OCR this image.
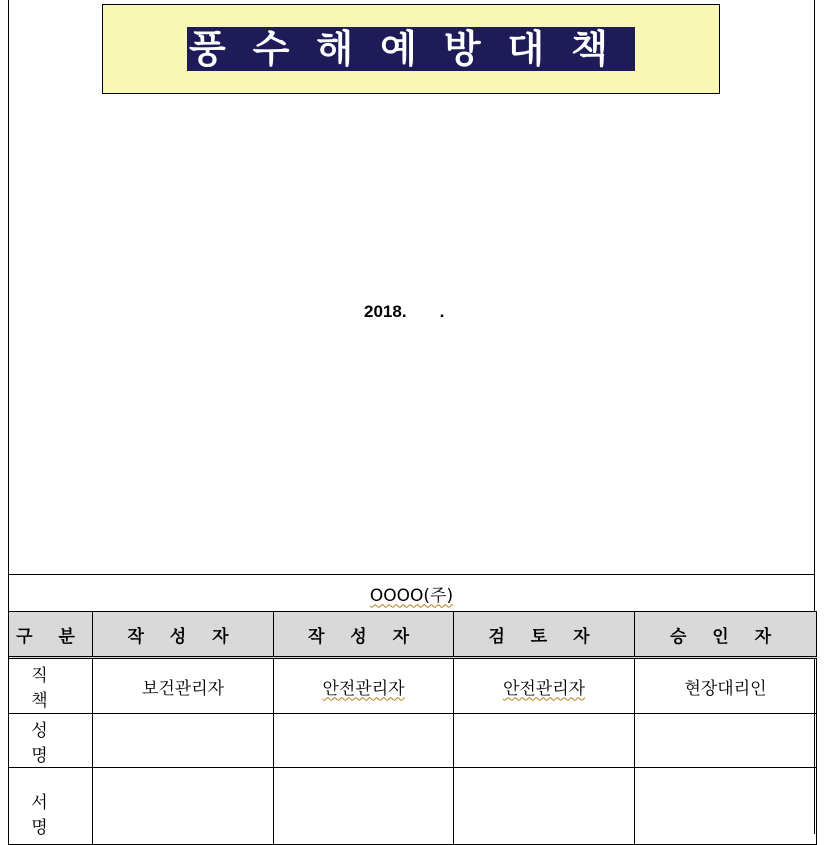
풍수해예방대책
2018.       .
OOOO(주)
구 분	작 성 자	작 성 자	검 토 자	승 인 자
직 책	보건관리자	안전관리자	안전관리자	현장대리인
성 명				
서 명				
